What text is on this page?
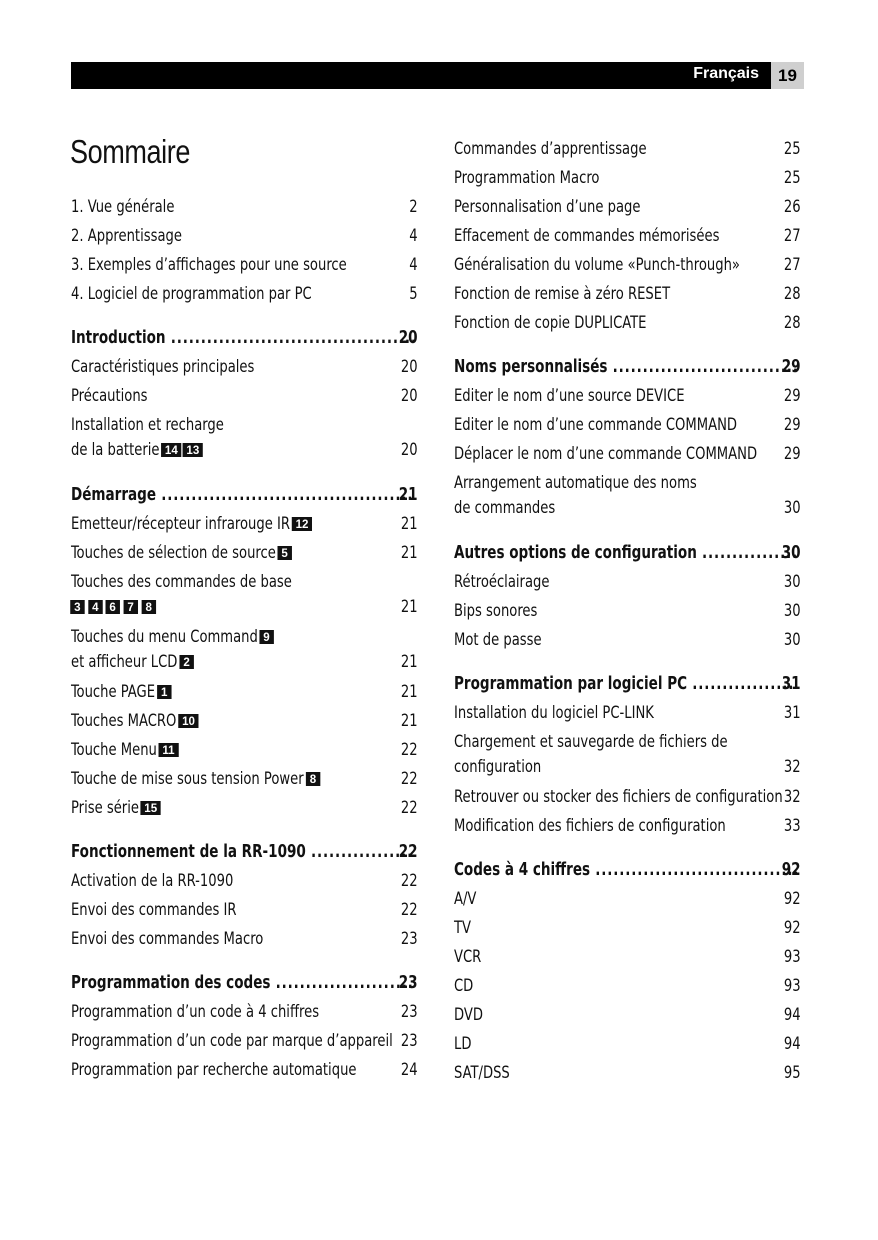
Français	19
Sommaire
1. Vue générale	2
2. Apprentissage	4
3. Exemples d’affichages pour une source	4
4. Logiciel de programmation par PC	5
Introduction .....	20
Caractéristiques principales	20
Précautions	20
Installation et recharge
de la batterie 14 13	20
Démarrage .....	21
Emetteur/récepteur infrarouge IR 12	21
Touches de sélection de source 5	21
Touches des commandes de base
3 4 6 7 8	21
Touches du menu Command 9
et afficheur LCD 2	21
Touche PAGE 1	21
Touches MACRO 10	21
Touche Menu 11	22
Touche de mise sous tension Power 8	22
Prise série 15	22
Fonctionnement de la RR-1090 .....	22
Activation de la RR-1090	22
Envoi des commandes IR	22
Envoi des commandes Macro	23
Programmation des codes .....	23
Programmation d’un code à 4 chiffres	23
Programmation d’un code par marque d’appareil 23
Programmation par recherche automatique	24
Commandes d’apprentissage	25
Programmation Macro	25
Personnalisation d’une page	26
Effacement de commandes mémorisées	27
Généralisation du volume «Punch-through»	27
Fonction de remise à zéro RESET	28
Fonction de copie DUPLICATE	28
Noms personnalisés .....	29
Editer le nom d’une source DEVICE	29
Editer le nom d’une commande COMMAND	29
Déplacer le nom d’une commande COMMAND 29
Arrangement automatique des noms
de commandes	30
Autres options de configuration .....	30
Rétroéclairage	30
Bips sonores	30
Mot de passe	30
Programmation par logiciel PC .....	31
Installation du logiciel PC-LINK	31
Chargement et sauvegarde de fichiers de
configuration	32
Retrouver ou stocker des fichiers de configuration 32
Modification des fichiers de configuration	33
Codes à 4 chiffres .....	92
A/V	92
TV	92
VCR	93
CD	93
DVD	94
LD	94
SAT/DSS	95
